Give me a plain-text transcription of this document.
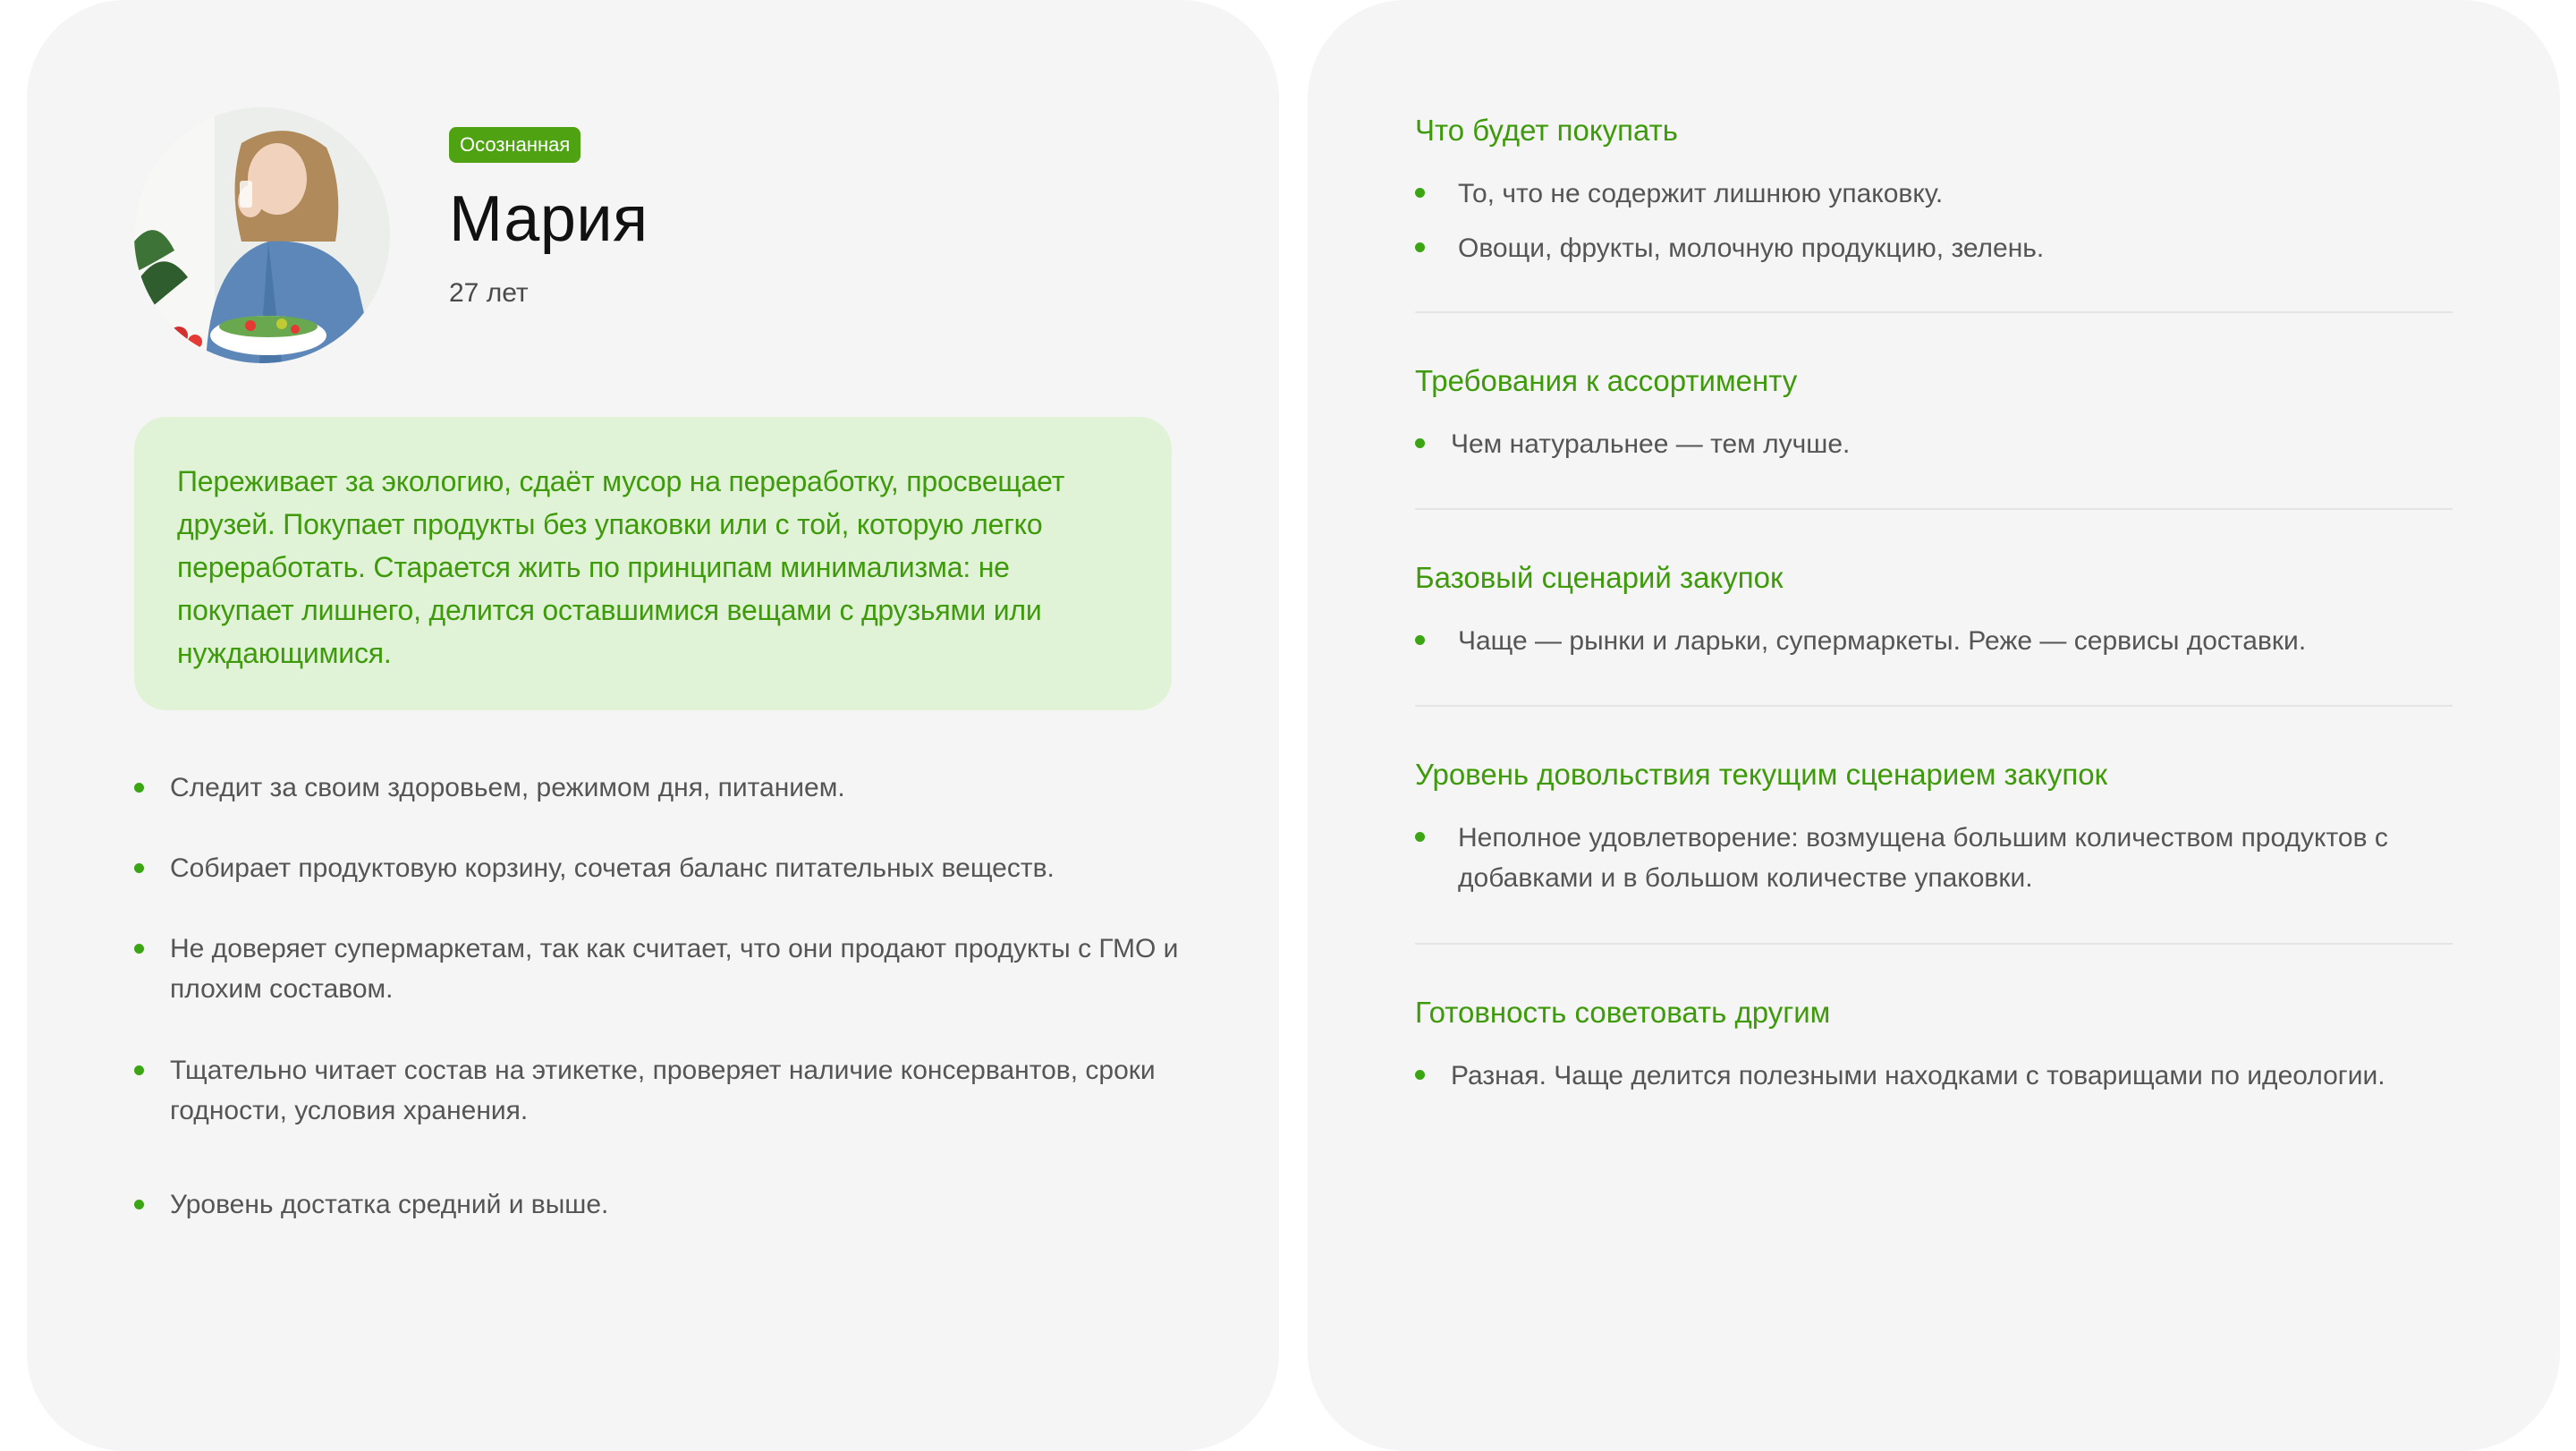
Осознанная
Мария
27 лет

Переживает за экологию, сдаёт мусор на переработку, просвещает друзей. Покупает продукты без упаковки или с той, которую легко переработать. Старается жить по принципам минимализма: не покупает лишнего, делится оставшимися вещами с друзьями или нуждающимися.

Следит за своим здоровьем, режимом дня, питанием.
Собирает продуктовую корзину, сочетая баланс питательных веществ.
Не доверяет супермаркетам, так как считает, что они продают продукты с ГМО и плохим составом.
Тщательно читает состав на этикетке, проверяет наличие консервантов, сроки годности, условия хранения.
Уровень достатка средний и выше.
Что будет покупать
То, что не содержит лишнюю упаковку.
Овощи, фрукты, молочную продукцию, зелень.
Требования к ассортименту
Чем натуральнее — тем лучше.
Базовый сценарий закупок
Чаще — рынки и ларьки, супермаркеты. Реже — сервисы доставки.
Уровень довольствия текущим сценарием закупок
Неполное удовлетворение: возмущена большим количеством продуктов с добавками и в большом количестве упаковки.
Готовность советовать другим
Разная. Чаще делится полезными находками с товарищами по идеологии.
